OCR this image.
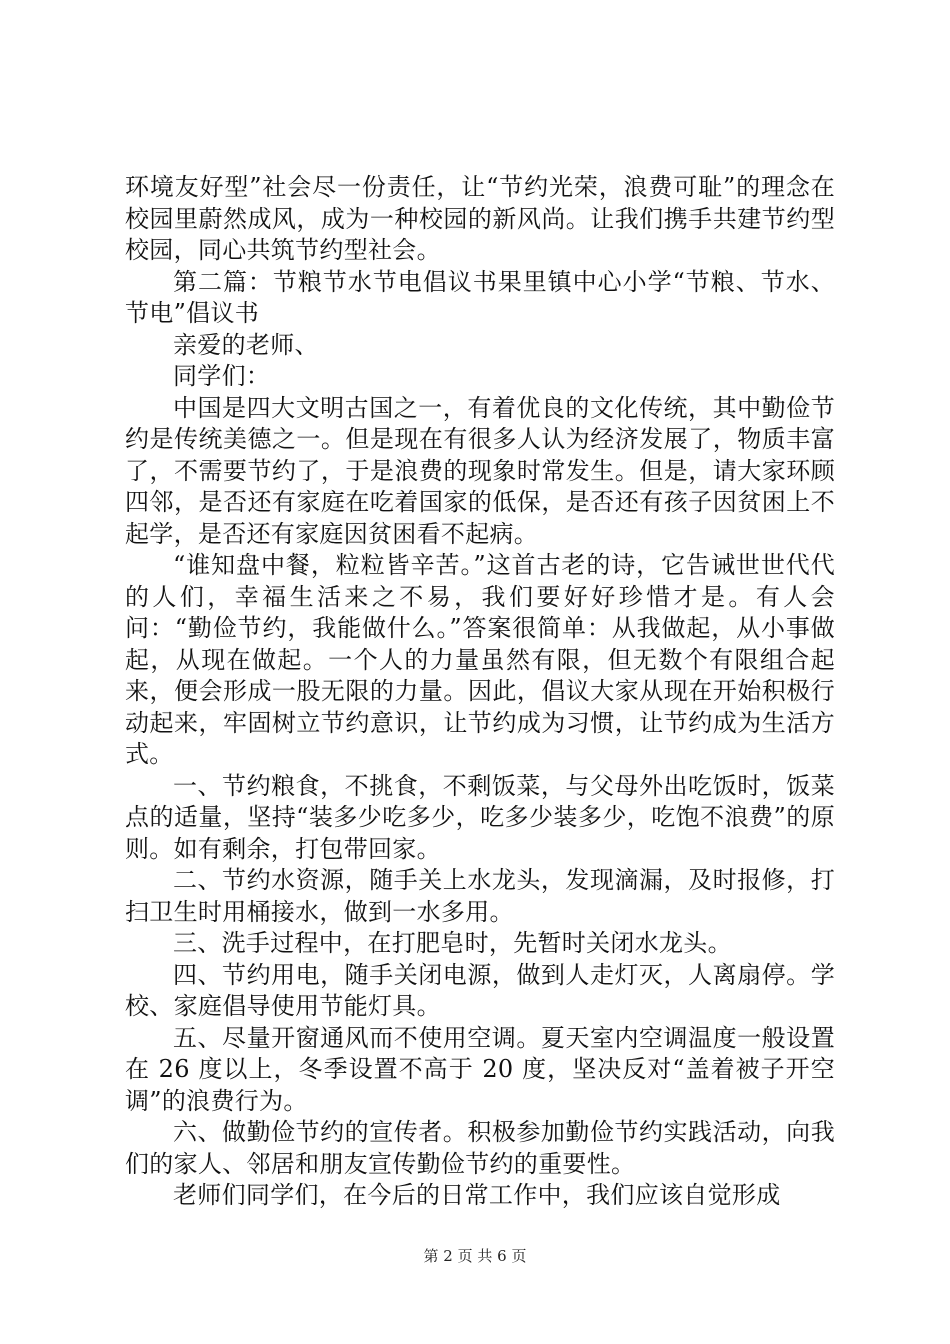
环境友好型”社会尽一份责任，让“节约光荣，浪费可耻”的理念在校园里蔚然成风，成为一种校园的新风尚。让我们携手共建节约型校园，同心共筑节约型社会。

第二篇：节粮节水节电倡议书果里镇中心小学“节粮、节水、节电”倡议书

亲爱的老师、

同学们：

中国是四大文明古国之一，有着优良的文化传统，其中勤俭节约是传统美德之一。但是现在有很多人认为经济发展了，物质丰富了，不需要节约了，于是浪费的现象时常发生。但是，请大家环顾四邻，是否还有家庭在吃着国家的低保，是否还有孩子因贫困上不起学，是否还有家庭因贫困看不起病。

“谁知盘中餐，粒粒皆辛苦。”这首古老的诗，它告诫世世代代的人们，幸福生活来之不易，我们要好好珍惜才是。有人会问：“勤俭节约，我能做什么。”答案很简单：从我做起，从小事做起，从现在做起。一个人的力量虽然有限，但无数个有限组合起来，便会形成一股无限的力量。因此，倡议大家从现在开始积极行动起来，牢固树立节约意识，让节约成为习惯，让节约成为生活方式。

一、节约粮食，不挑食，不剩饭菜，与父母外出吃饭时，饭菜点的适量，坚持“装多少吃多少，吃多少装多少，吃饱不浪费”的原则。如有剩余，打包带回家。

二、节约水资源，随手关上水龙头，发现滴漏，及时报修，打扫卫生时用桶接水，做到一水多用。

三、洗手过程中，在打肥皂时，先暂时关闭水龙头。

四、节约用电，随手关闭电源，做到人走灯灭，人离扇停。学校、家庭倡导使用节能灯具。

五、尽量开窗通风而不使用空调。夏天室内空调温度一般设置在 26 度以上，冬季设置不高于 20 度，坚决反对“盖着被子开空调”的浪费行为。

六、做勤俭节约的宣传者。积极参加勤俭节约实践活动，向我们的家人、邻居和朋友宣传勤俭节约的重要性。

老师们同学们，在今后的日常工作中，我们应该自觉形成

第 2 页 共 6 页
